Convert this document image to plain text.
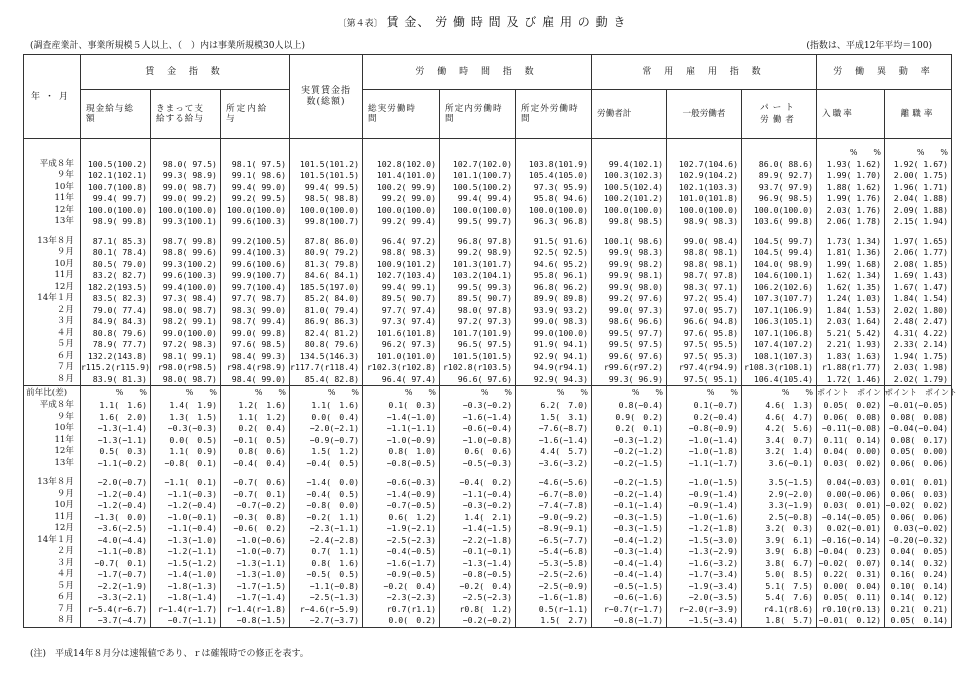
〔第４表〕 賃 金、 労 働 時 間 及 び 雇 用 の 動 き
(調査産業計、事業所規模５人以上、（　）内は事業所規模30人以上)	(指数は、平成12年平均＝100)
年・月	賃 金 指 数			実質賃金指数(総額)	労 働 時 間 指 数			常 用 雇 用 指 数			労 働 異 動 率	
	現金給与総額	きまって支給する給与	所定内給与		総実労働時間	所定内労働時間	所定外労働時間	労働者計	一般労働者	パート労働者	入職率	離職率

											%　　%	%　　%
平成８年	100.5(100.2)	98.0( 97.5)	98.1( 97.5)	101.5(101.2)	102.8(102.0)	102.7(102.0)	103.8(101.9)	99.4(102.1)	102.7(104.6)	86.0( 88.6)	1.93( 1.62)	1.92( 1.67)
９年	102.1(102.1)	99.3( 98.9)	99.1( 98.6)	101.5(101.5)	101.4(101.0)	101.1(100.7)	105.4(105.0)	100.3(102.3)	102.9(104.2)	89.9( 92.7)	1.99( 1.70)	2.00( 1.75)
10年	100.7(100.8)	99.0( 98.7)	99.4( 99.0)	99.4( 99.5)	100.2( 99.9)	100.5(100.2)	97.3( 95.9)	100.5(102.4)	102.1(103.3)	93.7( 97.9)	1.88( 1.62)	1.96( 1.71)
11年	99.4( 99.7)	99.0( 99.2)	99.2( 99.5)	98.5( 98.8)	99.2( 99.0)	99.4( 99.4)	95.8( 94.6)	100.2(101.2)	101.0(101.8)	96.9( 98.5)	1.99( 1.76)	2.04( 1.88)
12年	100.0(100.0)	100.0(100.0)	100.0(100.0)	100.0(100.0)	100.0(100.0)	100.0(100.0)	100.0(100.0)	100.0(100.0)	100.0(100.0)	100.0(100.0)	2.03( 1.76)	2.09( 1.88)
13年	98.9( 99.8)	99.3(100.1)	99.6(100.3)	99.8(100.7)	99.2( 99.4)	99.5( 99.7)	96.3( 96.8)	99.8( 98.5)	98.9( 98.3)	103.6( 99.8)	2.06( 1.78)	2.15( 1.94)

13年８月	87.1( 85.3)	98.7( 99.8)	99.2(100.5)	87.8( 86.0)	96.4( 97.2)	96.8( 97.8)	91.5( 91.6)	100.1( 98.6)	99.0( 98.4)	104.5( 99.7)	1.73( 1.34)	1.97( 1.65)
９月	80.1( 78.4)	98.8( 99.6)	99.4(100.3)	80.9( 79.2)	98.8( 98.3)	99.2( 98.9)	92.5( 92.5)	99.9( 98.3)	98.8( 98.1)	104.5( 99.4)	1.81( 1.36)	2.06( 1.77)
10月	80.5( 79.0)	99.3(100.2)	99.6(100.6)	81.3( 79.8)	100.9(101.2)	101.3(101.7)	94.6( 95.2)	99.9( 98.2)	98.8( 98.1)	104.0( 98.9)	1.99( 1.68)	2.08( 1.85)
11月	83.2( 82.7)	99.6(100.3)	99.9(100.7)	84.6( 84.1)	102.7(103.4)	103.2(104.1)	95.8( 96.1)	99.9( 98.1)	98.7( 97.8)	104.6(100.1)	1.62( 1.34)	1.69( 1.43)
12月	182.2(193.5)	99.4(100.0)	99.7(100.4)	185.5(197.0)	99.4( 99.1)	99.5( 99.3)	96.8( 96.2)	99.9( 98.0)	98.3( 97.1)	106.2(102.6)	1.62( 1.35)	1.67( 1.47)
14年１月	83.5( 82.3)	97.3( 98.4)	97.7( 98.7)	85.2( 84.0)	89.5( 90.7)	89.5( 90.7)	89.9( 89.8)	99.2( 97.6)	97.2( 95.4)	107.3(107.7)	1.24( 1.03)	1.84( 1.54)
２月	79.0( 77.4)	98.0( 98.7)	98.3( 99.0)	81.0( 79.4)	97.7( 97.4)	98.0( 97.8)	93.9( 93.2)	99.0( 97.3)	97.0( 95.7)	107.1(106.9)	1.84( 1.53)	2.02( 1.80)
３月	84.9( 84.3)	98.2( 99.1)	98.7( 99.4)	86.9( 86.3)	97.3( 97.4)	97.2( 97.3)	99.0( 98.3)	98.6( 96.6)	96.6( 94.8)	106.3(105.1)	2.03( 1.64)	2.48( 2.47)
４月	80.8( 79.6)	99.0(100.0)	99.0( 99.8)	82.4( 81.2)	101.6(101.8)	101.7(101.9)	99.0(100.0)	99.5( 97.7)	97.6( 95.8)	107.1(106.8)	5.21( 5.42)	4.31( 4.22)
５月	78.9( 77.7)	97.2( 98.3)	97.6( 98.5)	80.8( 79.6)	96.2( 97.3)	96.5( 97.5)	91.9( 94.1)	99.5( 97.5)	97.5( 95.5)	107.4(107.2)	2.21( 1.93)	2.33( 2.14)
６月	132.2(143.8)	98.1( 99.1)	98.4( 99.3)	134.5(146.3)	101.0(101.0)	101.5(101.5)	92.9( 94.1)	99.6( 97.6)	97.5( 95.3)	108.1(107.3)	1.83( 1.63)	1.94( 1.75)
７月	r115.2(r115.9)	r98.0(r98.5)	r98.4(r98.9)	r117.7(r118.4)	r102.3(r102.8)	r102.8(r103.5)	94.9(r94.1)	r99.6(r97.2)	r97.4(r94.9)	r108.3(r108.1)	r1.88(r1.77)	2.03( 1.98)
８月	83.9( 81.3)	98.0( 98.7)	98.4( 99.0)	85.4( 82.8)	96.4( 97.4)	96.6( 97.6)	92.9( 94.3)	99.3( 96.9)	97.5( 95.1)	106.4(105.4)	1.72( 1.46)	2.02( 1.79)
前年比(差)	%　　%	%　　%	%　　%	%　　%	%　　%	%　　%	%　　%	%　　%	%　　%	%　　%	ポイント　ポイント	ポイント　ポイント
平成８年	1.1(　1.6)	1.4(　1.9)	1.2(　1.6)	1.1(　1.6)	0.1(　0.3)	−0.3(−0.2)	6.2(　7.0)	0.8(−0.4)	0.1(−0.7)	4.6(　1.3)	0.05(　0.02)	−0.01(−0.05)
９年	1.6(　2.0)	1.3(　1.5)	1.1(　1.2)	0.0(　0.4)	−1.4(−1.0)	−1.6(−1.4)	1.5(　3.1)	0.9(　0.2)	0.2(−0.4)	4.6(　4.7)	0.06(　0.08)	0.08(　0.08)
10年	−1.3(−1.4)	−0.3(−0.3)	0.2(　0.4)	−2.0(−2.1)	−1.1(−1.1)	−0.6(−0.4)	−7.6(−8.7)	0.2(　0.1)	−0.8(−0.9)	4.2(　5.6)	−0.11(−0.08)	−0.04(−0.04)
11年	−1.3(−1.1)	0.0(　0.5)	−0.1(　0.5)	−0.9(−0.7)	−1.0(−0.9)	−1.0(−0.8)	−1.6(−1.4)	−0.3(−1.2)	−1.0(−1.4)	3.4(　0.7)	0.11(　0.14)	0.08(　0.17)
12年	0.5(　0.3)	1.1(　0.9)	0.8(　0.6)	1.5(　1.2)	0.8(　1.0)	0.6(　0.6)	4.4(　5.7)	−0.2(−1.2)	−1.0(−1.8)	3.2(　1.4)	0.04(　0.00)	0.05(　0.00)
13年	−1.1(−0.2)	−0.8(　0.1)	−0.4(　0.4)	−0.4(　0.5)	−0.8(−0.5)	−0.5(−0.3)	−3.6(−3.2)	−0.2(−1.5)	−1.1(−1.7)	3.6(−0.1)	0.03(　0.02)	0.06(　0.06)

13年８月	−2.0(−0.7)	−1.1(　0.1)	−0.7(　0.6)	−1.4(　0.0)	−0.6(−0.3)	−0.4(　0.2)	−4.6(−5.6)	−0.2(−1.5)	−1.0(−1.5)	3.5(−1.5)	0.04(−0.03)	0.01(　0.01)
９月	−1.2(−0.4)	−1.1(−0.3)	−0.7(　0.1)	−0.4(　0.5)	−1.4(−0.9)	−1.1(−0.4)	−6.7(−8.0)	−0.2(−1.4)	−0.9(−1.4)	2.9(−2.0)	0.00(−0.06)	0.06(　0.03)
10月	−1.2(−0.4)	−1.2(−0.4)	−0.7(−0.2)	−0.8(　0.0)	−0.7(−0.5)	−0.3(−0.2)	−7.4(−7.8)	−0.1(−1.4)	−0.9(−1.4)	3.3(−1.9)	0.03(　0.01)	−0.02(　0.02)
11月	−1.3(　0.0)	−1.0(−0.1)	−0.3(　0.8)	−0.2(　1.1)	0.6(　1.2)	1.4(　2.1)	−9.0(−9.2)	−0.3(−1.5)	−1.0(−1.6)	2.5(−0.8)	−0.14(−0.05)	0.06(　0.06)
12月	−3.6(−2.5)	−1.1(−0.4)	−0.6(　0.2)	−2.3(−1.1)	−1.9(−2.1)	−1.4(−1.5)	−8.9(−9.1)	−0.3(−1.5)	−1.2(−1.8)	3.2(　0.3)	0.02(−0.01)	0.03(−0.02)
14年１月	−4.0(−4.4)	−1.3(−1.0)	−1.0(−0.6)	−2.4(−2.8)	−2.5(−2.3)	−2.2(−1.8)	−6.5(−7.7)	−0.4(−1.2)	−1.5(−3.0)	3.9(　6.1)	−0.16(−0.14)	−0.20(−0.32)
２月	−1.1(−0.8)	−1.2(−1.1)	−1.0(−0.7)	0.7(　1.1)	−0.4(−0.5)	−0.1(−0.1)	−5.4(−6.8)	−0.3(−1.4)	−1.3(−2.9)	3.9(　6.8)	−0.04(　0.23)	0.04(　0.05)
３月	−0.7(　0.1)	−1.5(−1.2)	−1.3(−1.1)	0.8(　1.6)	−1.6(−1.7)	−1.3(−1.4)	−5.3(−5.8)	−0.4(−1.4)	−1.6(−3.2)	3.8(　6.7)	−0.02(　0.07)	0.14(　0.32)
４月	−1.7(−0.7)	−1.4(−1.0)	−1.3(−1.0)	−0.5(　0.5)	−0.9(−0.5)	−0.8(−0.5)	−2.5(−2.6)	−0.4(−1.4)	−1.7(−3.4)	5.0(　8.5)	0.22(　0.31)	0.16(　0.24)
５月	−2.2(−1.9)	−1.8(−1.3)	−1.7(−1.5)	−1.1(−0.8)	−0.2(　0.4)	−0.2(　0.4)	−2.5(−0.9)	−0.5(−1.5)	−1.9(−3.4)	5.1(　7.5)	0.00(　0.04)	0.10(　0.14)
６月	−3.3(−2.1)	−1.8(−1.4)	−1.7(−1.4)	−2.5(−1.3)	−2.3(−2.3)	−2.5(−2.3)	−1.6(−1.8)	−0.6(−1.6)	−2.0(−3.5)	5.4(　7.6)	0.05(　0.11)	0.14(　0.12)
７月	r−5.4(r−6.7)	r−1.4(r−1.7)	r−1.4(r−1.8)	r−4.6(r−5.9)	r0.7(r1.1)	r0.8(　1.2)	0.5(r−1.1)	r−0.7(r−1.7)	r−2.0(r−3.9)	r4.1(r8.6)	r0.10(r0.13)	0.21(　0.21)
８月	−3.7(−4.7)	−0.7(−1.1)	−0.8(−1.5)	−2.7(−3.7)	0.0(　0.2)	−0.2(−0.2)	1.5(　2.7)	−0.8(−1.7)	−1.5(−3.4)	1.8(　5.7)	−0.01(　0.12)	0.05(　0.14)
(注)　平成14年８月分は速報値であり、ｒは確報時での修正を表す。
